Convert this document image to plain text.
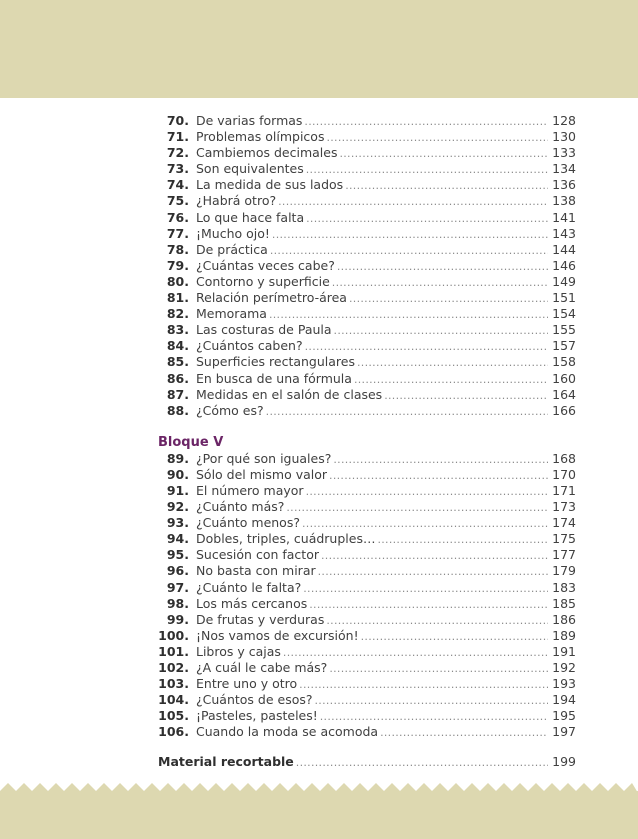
70. De varias formas . . .	128
71. Problemas olímpicos . . .	130
72. Cambiemos decimales . . .	133
73. Son equivalentes . . .	134
74. La medida de sus lados . . .	136
75. ¿Habrá otro? . . .	138
76. Lo que hace falta . . .	141
77. ¡Mucho ojo! . . .	143
78. De práctica . . .	144
79. ¿Cuántas veces cabe? . . .	146
80. Contorno y superficie . . .	149
81. Relación perímetro-área . . .	151
82. Memorama . . .	154
83. Las costuras de Paula . . .	155
84. ¿Cuántos caben? . . .	157
85. Superficies rectangulares . . .	158
86. En busca de una fórmula . . .	160
87. Medidas en el salón de clases . . .	164
88. ¿Cómo es? . . .	166
Bloque V
89. ¿Por qué son iguales? . . .	168
90. Sólo del mismo valor . . .	170
91. El número mayor . . .	171
92. ¿Cuánto más? . . .	173
93. ¿Cuánto menos? . . .	174
94. Dobles, triples, cuádruples… . . .	175
95. Sucesión con factor . . .	177
96. No basta con mirar . . .	179
97. ¿Cuánto le falta? . . .	183
98. Los más cercanos . . .	185
99. De frutas y verduras . . .	186
100. ¡Nos vamos de excursión! . . .	189
101. Libros y cajas . . .	191
102. ¿A cuál le cabe más? . . .	192
103. Entre uno y otro . . .	193
104. ¿Cuántos de esos? . . .	194
105. ¡Pasteles, pasteles! . . .	195
106. Cuando la moda se acomoda . . .	197
Material recortable . . .	199
